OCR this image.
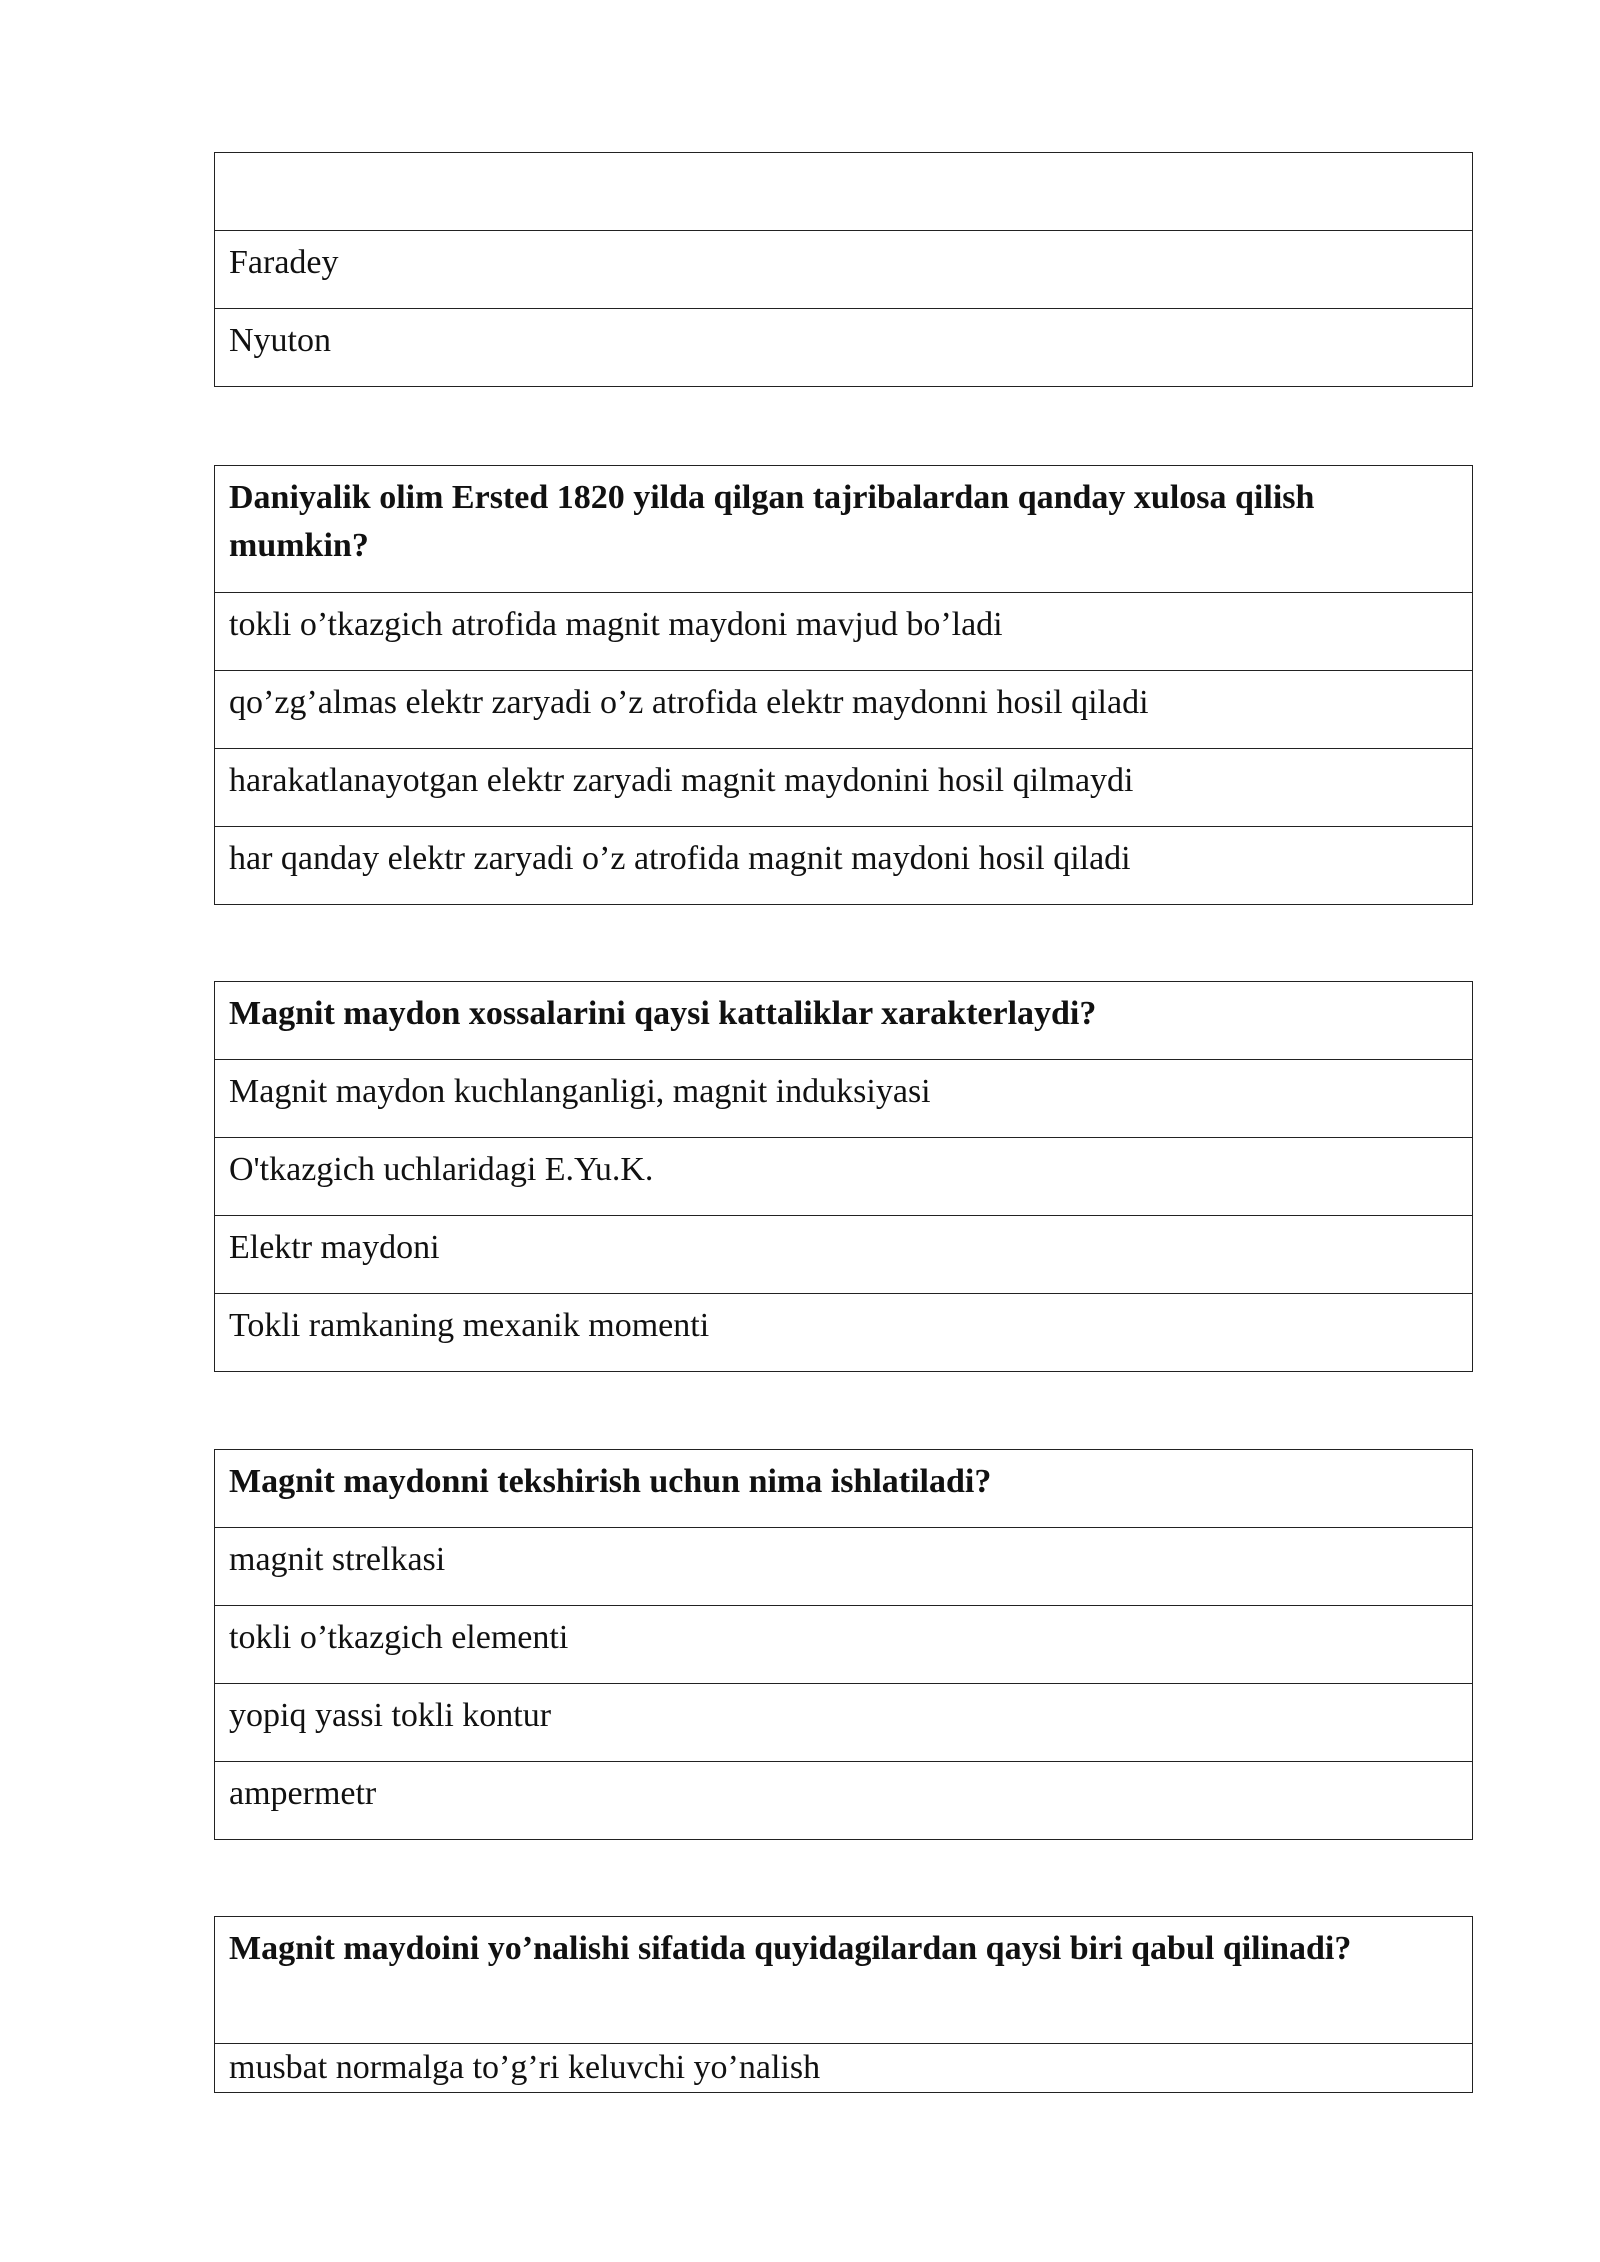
Faradey
Nyuton
Daniyalik olim Ersted 1820 yilda qilgan tajribalardan qanday xulosa qilish mumkin?
tokli o’tkazgich atrofida magnit maydoni mavjud bo’ladi
qo’zg’almas elektr zaryadi o’z atrofida elektr maydonni hosil qiladi
harakatlanayotgan elektr zaryadi magnit maydonini hosil qilmaydi
har qanday elektr zaryadi o’z atrofida magnit maydoni hosil qiladi
Magnit maydon xossalarini qaysi kattaliklar xarakterlaydi?
Magnit maydon kuchlanganligi, magnit induksiyasi
O'tkazgich uchlaridagi E.Yu.K.
Elektr maydoni
Tokli ramkaning mexanik momenti
Magnit maydonni tekshirish uchun nima ishlatiladi?
magnit strelkasi
tokli o’tkazgich elementi
yopiq yassi tokli kontur
ampermetr
Magnit maydoini yo’nalishi sifatida quyidagilardan qaysi biri qabul qilinadi?
musbat normalga to’g’ri keluvchi yo’nalish
